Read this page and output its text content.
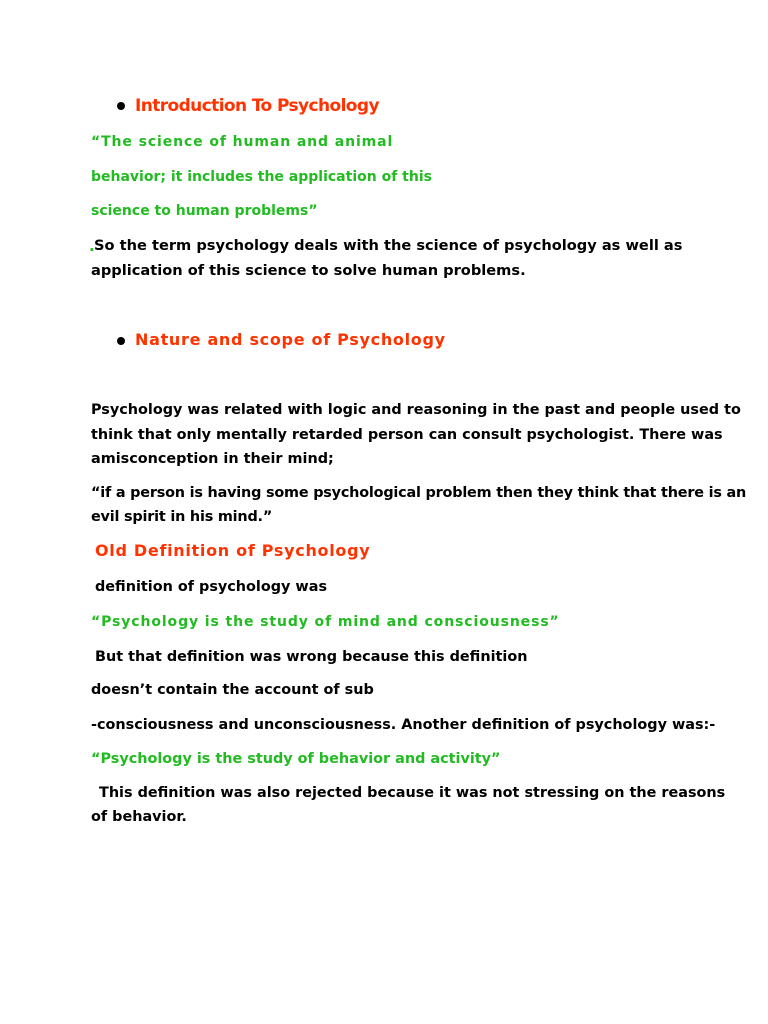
Introduction To Psychology
“The science of human and animal
behavior; it includes the application of this
science to human problems”
. So the term psychology deals with the science of psychology as well as
application of this science to solve human problems.
Nature and scope of Psychology
Psychology was related with logic and reasoning in the past and people used to
think that only mentally retarded person can consult psychologist. There was
amisconception in their mind;
“if a person is having some psychological problem then they think that there is an
evil spirit in his mind.”
Old Definition of Psychology
definition of psychology was
“Psychology is the study of mind and consciousness”
But that definition was wrong because this definition
doesn’t contain the account of sub
-consciousness and unconsciousness. Another definition of psychology was:-
“Psychology is the study of behavior and activity”
This definition was also rejected because it was not stressing on the reasons
of behavior.
